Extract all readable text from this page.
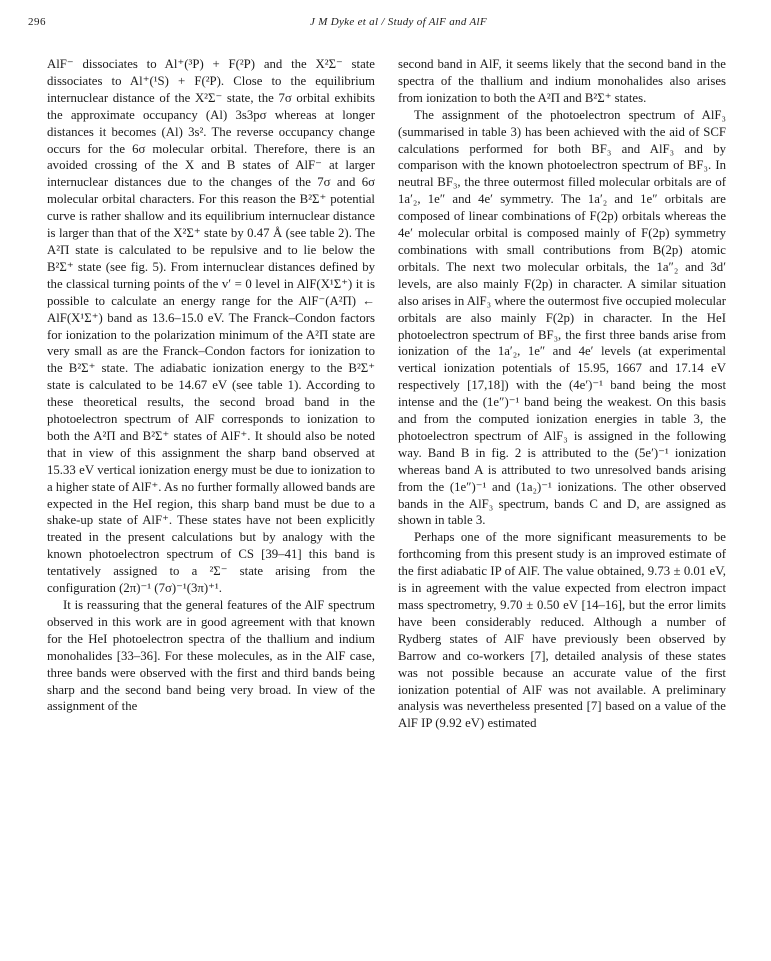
296	J M Dyke et al / Study of AlF and AlF

AlF⁻ dissociates to Al⁺(³P) + F(²P) and the X²Σ⁻ state dissociates to Al⁺(¹S) + F(²P). Close to the equilibrium internuclear distance of the X²Σ⁻ state, the 7σ orbital exhibits the approximate occupancy (Al) 3s3pσ whereas at longer distances it becomes (Al) 3s². The reverse occupancy change occurs for the 6σ molecular orbital. Therefore, there is an avoided crossing of the X and B states of AlF⁻ at larger internuclear distances due to the changes of the 7σ and 6σ molecular orbital characters. For this reason the B²Σ⁺ potential curve is rather shallow and its equilibrium internuclear distance is larger than that of the X²Σ⁺ state by 0.47 Å (see table 2). The A²Π state is calculated to be repulsive and to lie below the B²Σ⁺ state (see fig. 5). From internuclear distances defined by the classical turning points of the v′ = 0 level in AlF(X¹Σ⁺) it is possible to calculate an energy range for the AlF⁻(A²Π) ← AlF(X¹Σ⁺) band as 13.6–15.0 eV. The Franck–Condon factors for ionization to the polarization minimum of the A²Π state are very small as are the Franck–Condon factors for ionization to the B²Σ⁺ state. The adiabatic ionization energy to the B²Σ⁺ state is calculated to be 14.67 eV (see table 1). According to these theoretical results, the second broad band in the photoelectron spectrum of AlF corresponds to ionization to both the A²Π and B²Σ⁺ states of AlF⁺. It should also be noted that in view of this assignment the sharp band observed at 15.33 eV vertical ionization energy must be due to ionization to a higher state of AlF⁺. As no further formally allowed bands are expected in the HeI region, this sharp band must be due to a shake-up state of AlF⁺. These states have not been explicitly treated in the present calculations but by analogy with the known photoelectron spectrum of CS [39–41] this band is tentatively assigned to a ²Σ⁻ state arising from the configuration (2π)⁻¹ (7σ)⁻¹(3π)⁺¹.

It is reassuring that the general features of the AlF spectrum observed in this work are in good agreement with that known for the HeI photoelectron spectra of the thallium and indium monohalides [33–36]. For these molecules, as in the AlF case, three bands were observed with the first and third bands being sharp and the second band being very broad. In view of the assignment of the

second band in AlF, it seems likely that the second band in the spectra of the thallium and indium monohalides also arises from ionization to both the A²Π and B²Σ⁺ states.

The assignment of the photoelectron spectrum of AlF₃ (summarised in table 3) has been achieved with the aid of SCF calculations performed for both BF₃ and AlF₃ and by comparison with the known photoelectron spectrum of BF₃. In neutral BF₃, the three outermost filled molecular orbitals are of 1a′₂, 1e″ and 4e′ symmetry. The 1a′₂ and 1e″ orbitals are composed of linear combinations of F(2p) orbitals whereas the 4e′ molecular orbital is composed mainly of F(2p) symmetry combinations with small contributions from B(2p) atomic orbitals. The next two molecular orbitals, the 1a″₂ and 3d′ levels, are also mainly F(2p) in character. A similar situation also arises in AlF₃ where the outermost five occupied molecular orbitals are also mainly F(2p) in character. In the HeI photoelectron spectrum of BF₃, the first three bands arise from ionization of the 1a′₂, 1e″ and 4e′ levels (at experimental vertical ionization potentials of 15.95, 1667 and 17.14 eV respectively [17,18]) with the (4e′)⁻¹ band being the most intense and the (1e″)⁻¹ band being the weakest. On this basis and from the computed ionization energies in table 3, the photoelectron spectrum of AlF₃ is assigned in the following way. Band B in fig. 2 is attributed to the (5e′)⁻¹ ionization whereas band A is attributed to two unresolved bands arising from the (1e″)⁻¹ and (1a₂)⁻¹ ionizations. The other observed bands in the AlF₃ spectrum, bands C and D, are assigned as shown in table 3.

Perhaps one of the more significant measurements to be forthcoming from this present study is an improved estimate of the first adiabatic IP of AlF. The value obtained, 9.73 ± 0.01 eV, is in agreement with the value expected from electron impact mass spectrometry, 9.70 ± 0.50 eV [14–16], but the error limits have been considerably reduced. Although a number of Rydberg states of AlF have previously been observed by Barrow and co-workers [7], detailed analysis of these states was not possible because an accurate value of the first ionization potential of AlF was not available. A preliminary analysis was nevertheless presented [7] based on a value of the AlF IP (9.92 eV) estimated
